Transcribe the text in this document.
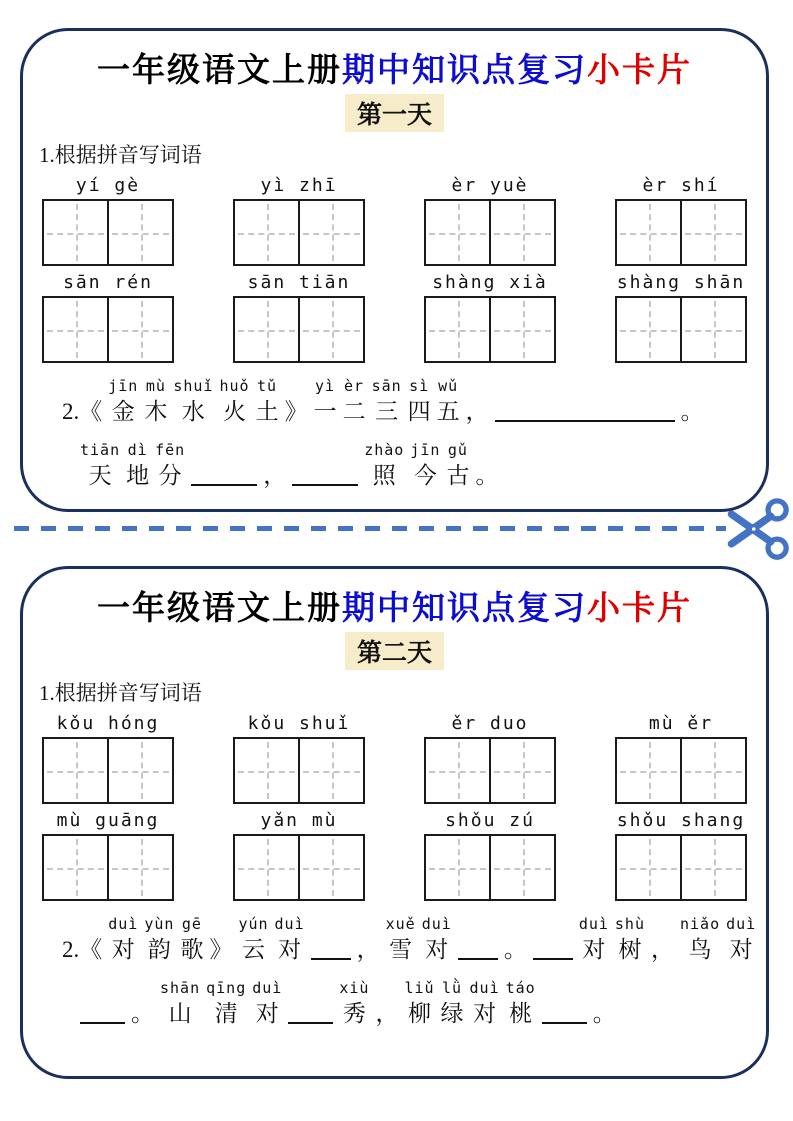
一年级语文上册期中知识点复习小卡片
第一天
1.根据拼音写词语
yí gè	yì zhī	èr yuè	èr shí
sān rén	sān tiān	shàng xià	shàng shān
2.《
jīn
金
mù
木
shuǐ
水
huǒ
火
tǔ
土 》
yì
一
èr
二
sān
三
sì
四
wǔ
五 ，	。
tiān
天
dì
地
fēn
分	，
zhào
照
jīn
今
gǔ
古 。
一年级语文上册期中知识点复习小卡片
第二天
1.根据拼音写词语
kǒu hóng	kǒu shuǐ	ěr duo	mù ěr
mù guāng	yǎn mù	shǒu zú	shǒu shang
2.《
duì
对
yùn
韵
gē
歌 》
yún
云
duì
对 ，
xuě
雪
duì
对 。
duì
对
shù
树 ，
niǎo
鸟
duì
对
。
shān
山
qīng
清
duì
对
xiù
秀 ，
liǔ
柳
lǜ
绿
duì
对
táo
桃	。
